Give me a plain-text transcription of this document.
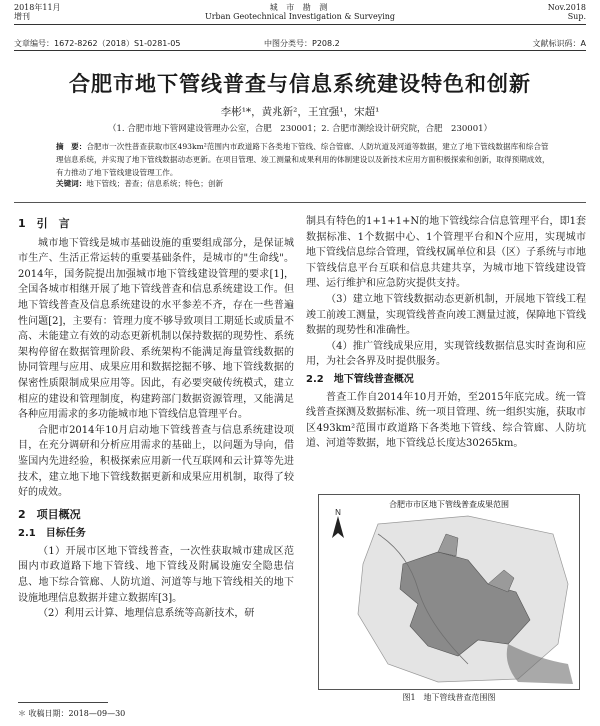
2018年11月
增刊
城 市 勘 测
Urban Geotechnical Investigation & Surveying
Nov.2018
Sup.
文章编号：1672-8262（2018）S1-0281-05	中图分类号：P208.2	文献标识码：A

合肥市地下管线普查与信息系统建设特色和创新
李彬¹*，黄兆新²，王宜强¹，宋超¹
（1. 合肥市地下管网建设管理办公室，合肥　230001；2. 合肥市测绘设计研究院，合肥　230001）
摘　要：合肥市一次性普查获取市区493km²范围内市政道路下各类地下管线、综合管廊、人防坑道及河道等数据，建立了地下管线数据库和综合管理信息系统，并实现了地下管线数据动态更新。在项目管理、竣工测量和成果利用的体制建设以及新技术应用方面积极探索和创新，取得预期成效，有力推动了地下管线建设管理工作。
关键词：地下管线；普查；信息系统；特色；创新
1　引　言

城市地下管线是城市基础设施的重要组成部分，是保证城市生产、生活正常运转的重要基础条件，是城市的"生命线"。2014年，国务院提出加强城市地下管线建设管理的要求[1]，全国各城市相继开展了地下管线普查和信息系统建设工作。但地下管线普查及信息系统建设的水平参差不齐，存在一些普遍性问题[2]，主要有：管理力度不够导致项目工期延长或质量不高、未能建立有效的动态更新机制以保持数据的现势性、系统架构停留在数据管理阶段、系统架构不能满足海量管线数据的协同管理与应用、成果应用和数据挖掘不够、地下管线数据的保密性质限制成果应用等。因此，有必要突破传统模式，建立相应的建设和管理制度，构建跨部门数据资源管理，又能满足各种应用需求的多功能城市地下管线信息管理平台。

合肥市2014年10月启动地下管线普查与信息系统建设项目，在充分调研和分析应用需求的基础上，以问题为导向，借鉴国内先进经验，积极探索应用新一代互联网和云计算等先进技术，建立地下地下管线数据更新和成果应用机制，取得了较好的成效。

2　项目概况
2.1　目标任务

（1）开展市区地下管线普查，一次性获取城市建成区范围内市政道路下地下管线、地下管线及附属设施安全隐患信息、地下综合管廊、人防坑道、河道等与地下管线相关的地下设施地理信息数据并建立数据库[3]。

（2）利用云计算、地理信息系统等高新技术，研

制具有特色的1+1+1+N的地下管线综合信息管理平台，即1套数据标准、1个数据中心、1个管理平台和N个应用，实现城市地下管线信息综合管理，管线权属单位和县（区）子系统与市地下管线信息平台互联和信息共建共享，为城市地下管线建设管理、运行维护和应急防灾提供支持。

（3）建立地下管线数据动态更新机制，开展地下管线工程竣工前竣工测量，实现管线普查向竣工测量过渡，保障地下管线数据的现势性和准确性。

（4）推广管线成果应用，实现管线数据信息实时查询和应用，为社会各界及时提供服务。

2.2　地下管线普查概况

普查工作自2014年10月开始，至2015年底完成。统一管线普查探测及数据标准、统一项目管理、统一组织实施，获取市区493km²范围市政道路下各类地下管线、综合管廊、人防坑道、河道等数据，地下管线总长度达30265km。

合肥市市区地下管线普查成果范围
N
图1　地下管线普查范围图
＊ 收稿日期：2018—09—30
